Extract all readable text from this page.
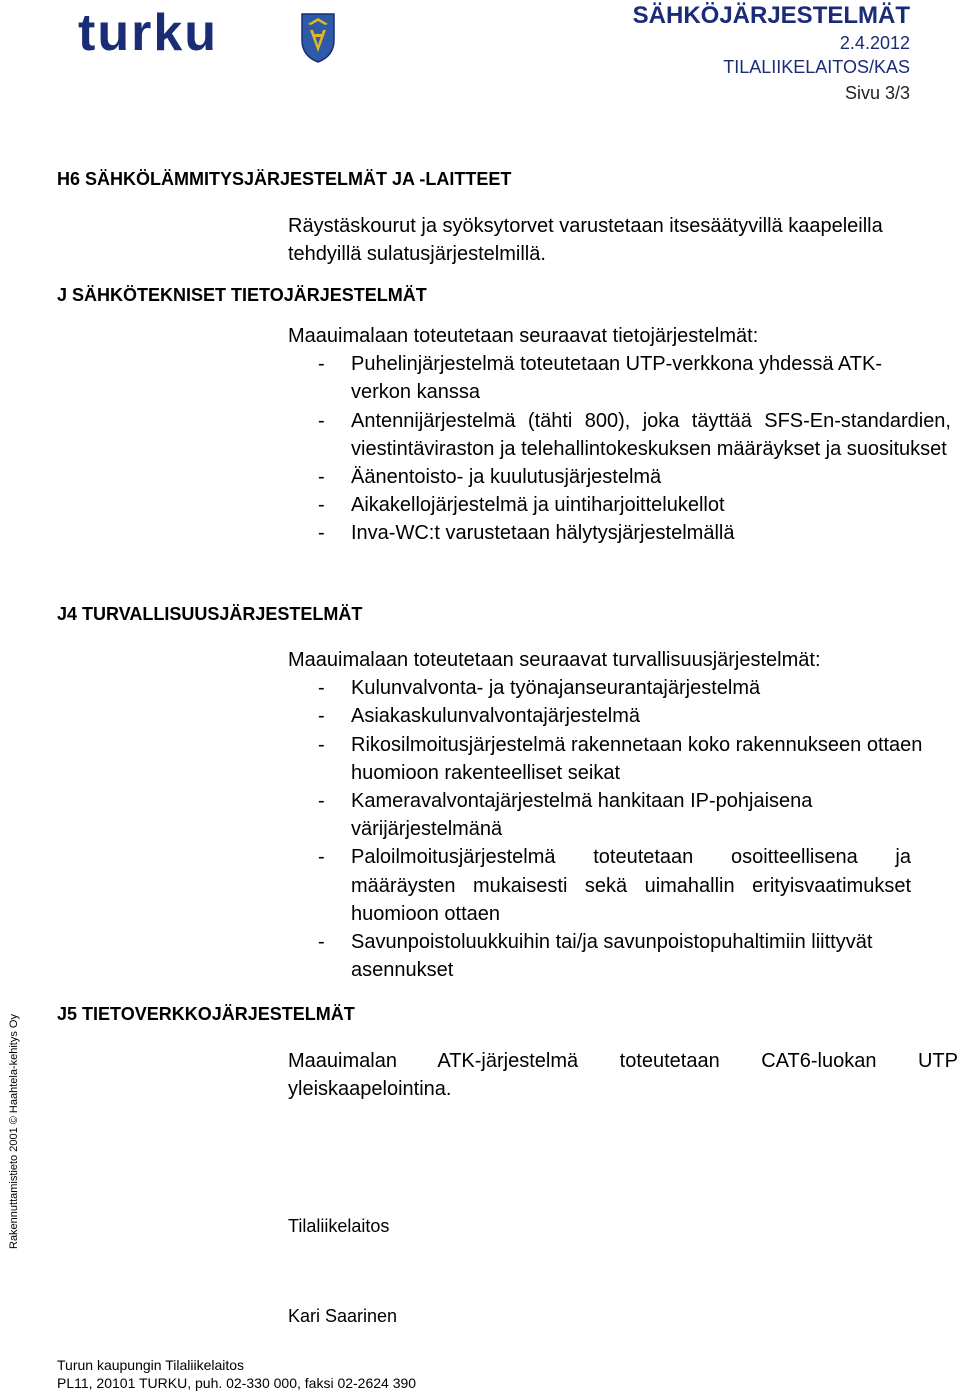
turku	SÄHKÖJÄRJESTELMÄT
2.4.2012
TILALIIKELAITOS/KAS
Sivu 3/3
H6 SÄHKÖLÄMMITYSJÄRJESTELMÄT JA -LAITTEET

Räystäskourut ja syöksytorvet varustetaan itsesäätyvillä kaapeleilla tehdyillä sulatusjärjestelmillä.

J SÄHKÖTEKNISET TIETOJÄRJESTELMÄT

Maauimalaan toteutetaan seuraavat tietojärjestelmät:

-	Puhelinjärjestelmä toteutetaan UTP-verkkona yhdessä ATK-verkon kanssa
-	Antennijärjestelmä (tähti 800), joka täyttää SFS-En-standardien, viestintäviraston ja telehallintokeskuksen määräykset ja suositukset
-	Äänentoisto- ja kuulutusjärjestelmä
-	Aikakellojärjestelmä ja uintiharjoittelukellot
-	Inva-WC:t varustetaan hälytysjärjestelmällä
J4 TURVALLISUUSJÄRJESTELMÄT

Maauimalaan toteutetaan seuraavat turvallisuusjärjestelmät:

-	Kulunvalvonta- ja työnajanseurantajärjestelmä
-	Asiakaskulunvalvontajärjestelmä
-	Rikosilmoitusjärjestelmä rakennetaan koko rakennukseen ottaen huomioon rakenteelliset seikat
-	Kameravalvontajärjestelmä hankitaan IP-pohjaisena värijärjestelmänä
-	Paloilmoitusjärjestelmä toteutetaan osoitteellisena ja määräysten mukaisesti sekä uimahallin erityisvaatimukset huomioon ottaen
-	Savunpoistoluukkuihin tai/ja savunpoistopuhaltimiin liittyvät asennukset
J5 TIETOVERKKOJÄRJESTELMÄT
Maauimalan ATK-järjestelmä toteutetaan CAT6-luokan UTP yleiskaapelointina.
Tilaliikelaitos
Kari Saarinen
Turun kaupungin Tilaliikelaitos
PL11, 20101 TURKU, puh. 02-330 000, faksi 02-2624 390
Rakennuttamistieto 2001 © Haahtela-kehitys Oy
